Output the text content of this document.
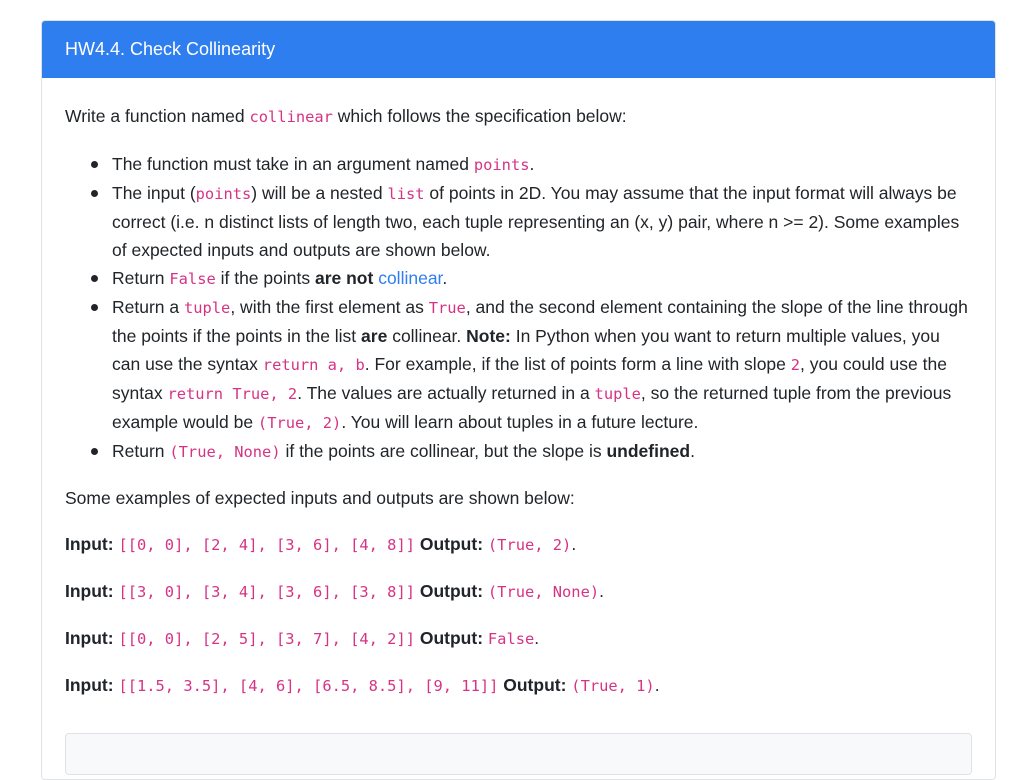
HW4.4. Check Collinearity

Write a function named collinear which follows the specification below:

The function must take in an argument named points.
The input (points) will be a nested list of points in 2D. You may assume that the input format will always be correct (i.e. n distinct lists of length two, each tuple representing an (x, y) pair, where n >= 2). Some examples of expected inputs and outputs are shown below.
Return False if the points are not collinear.
Return a tuple, with the first element as True, and the second element containing the slope of the line through the points if the points in the list are collinear. Note: In Python when you want to return multiple values, you can use the syntax return a, b. For example, if the list of points form a line with slope 2, you could use the syntax return True, 2. The values are actually returned in a tuple, so the returned tuple from the previous example would be (True, 2). You will learn about tuples in a future lecture.
Return (True, None) if the points are collinear, but the slope is undefined.

Some examples of expected inputs and outputs are shown below:

Input: [[0, 0], [2, 4], [3, 6], [4, 8]] Output: (True, 2).

Input: [[3, 0], [3, 4], [3, 6], [3, 8]] Output: (True, None).

Input: [[0, 0], [2, 5], [3, 7], [4, 2]] Output: False.

Input: [[1.5, 3.5], [4, 6], [6.5, 8.5], [9, 11]] Output: (True, 1).
